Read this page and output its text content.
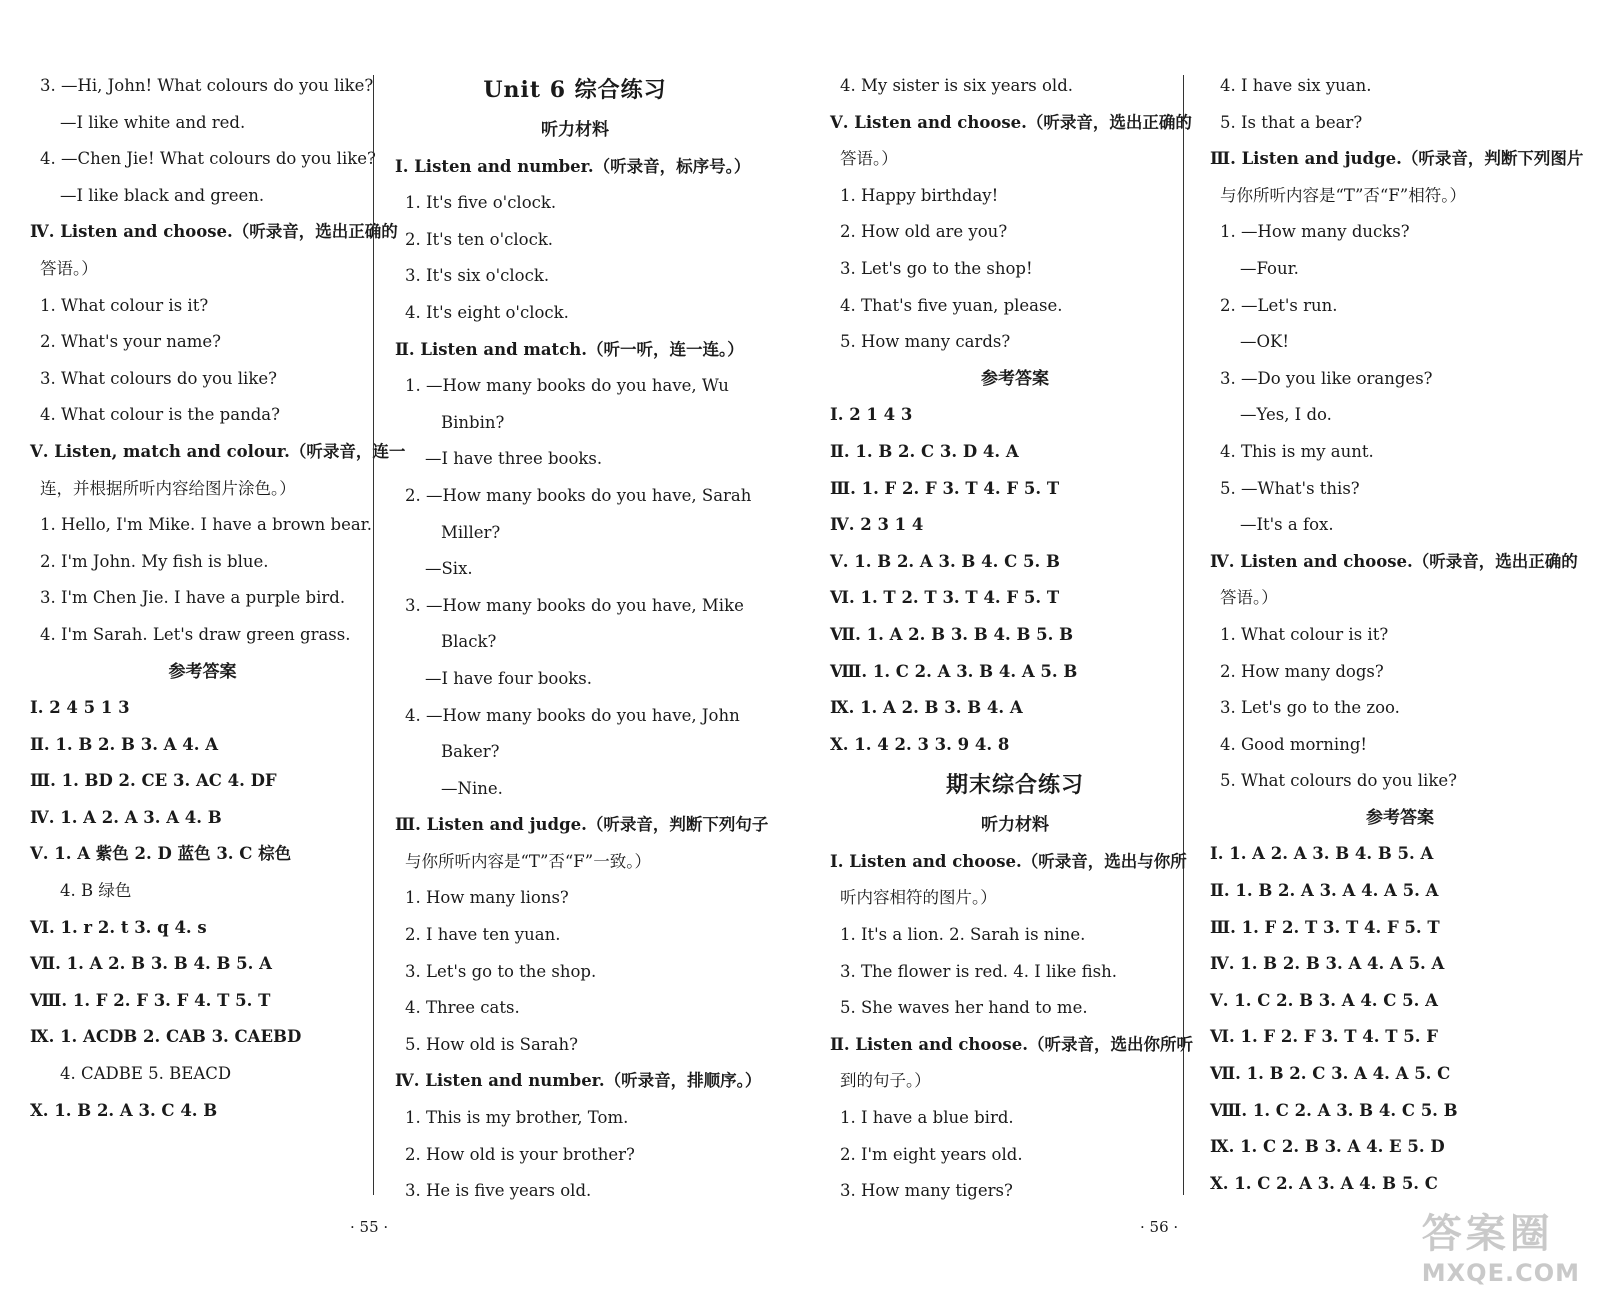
3. —Hi, John! What colours do you like?
—I like white and red.
4. —Chen Jie! What colours do you like?
—I like black and green.
Ⅳ. Listen and choose.（听录音，选出正确的
答语。）
1. What colour is it?
2. What's your name?
3. What colours do you like?
4. What colour is the panda?
Ⅴ. Listen, match and colour.（听录音，连一
连，并根据所听内容给图片涂色。）
1. Hello, I'm Mike. I have a brown bear.
2. I'm John. My fish is blue.
3. I'm Chen Jie. I have a purple bird.
4. I'm Sarah. Let's draw green grass.
参考答案
Ⅰ. 2 4 5 1 3
Ⅱ. 1. B 2. B 3. A 4. A
Ⅲ. 1. BD 2. CE 3. AC 4. DF
Ⅳ. 1. A 2. A 3. A 4. B
Ⅴ. 1. A 紫色 2. D 蓝色 3. C 棕色
4. B 绿色
Ⅵ. 1. r 2. t 3. q 4. s
Ⅶ. 1. A 2. B 3. B 4. B 5. A
Ⅷ. 1. F 2. F 3. F 4. T 5. T
Ⅸ. 1. ACDB 2. CAB 3. CAEBD
4. CADBE 5. BEACD
Ⅹ. 1. B 2. A 3. C 4. B
Unit 6 综合练习
听力材料
Ⅰ. Listen and number.（听录音，标序号。）
1. It's five o'clock.
2. It's ten o'clock.
3. It's six o'clock.
4. It's eight o'clock.
Ⅱ. Listen and match.（听一听，连一连。）
1. —How many books do you have, Wu
Binbin?
—I have three books.
2. —How many books do you have, Sarah
Miller?
—Six.
3. —How many books do you have, Mike
Black?
—I have four books.
4. —How many books do you have, John
Baker?
—Nine.
Ⅲ. Listen and judge.（听录音，判断下列句子
与你所听内容是“T”否“F”一致。）
1. How many lions?
2. I have ten yuan.
3. Let's go to the shop.
4. Three cats.
5. How old is Sarah?
Ⅳ. Listen and number.（听录音，排顺序。）
1. This is my brother, Tom.
2. How old is your brother?
3. He is five years old.
4. My sister is six years old.
Ⅴ. Listen and choose.（听录音，选出正确的
答语。）
1. Happy birthday!
2. How old are you?
3. Let's go to the shop!
4. That's five yuan, please.
5. How many cards?
参考答案
Ⅰ. 2 1 4 3
Ⅱ. 1. B 2. C 3. D 4. A
Ⅲ. 1. F 2. F 3. T 4. F 5. T
Ⅳ. 2 3 1 4
Ⅴ. 1. B 2. A 3. B 4. C 5. B
Ⅵ. 1. T 2. T 3. T 4. F 5. T
Ⅶ. 1. A 2. B 3. B 4. B 5. B
Ⅷ. 1. C 2. A 3. B 4. A 5. B
Ⅸ. 1. A 2. B 3. B 4. A
Ⅹ. 1. 4 2. 3 3. 9 4. 8
期末综合练习
听力材料
Ⅰ. Listen and choose.（听录音，选出与你所
听内容相符的图片。）
1. It's a lion. 2. Sarah is nine.
3. The flower is red. 4. I like fish.
5. She waves her hand to me.
Ⅱ. Listen and choose.（听录音，选出你所听
到的句子。）
1. I have a blue bird.
2. I'm eight years old.
3. How many tigers?
4. I have six yuan.
5. Is that a bear?
Ⅲ. Listen and judge.（听录音，判断下列图片
与你所听内容是“T”否“F”相符。）
1. —How many ducks?
—Four.
2. —Let's run.
—OK!
3. —Do you like oranges?
—Yes, I do.
4. This is my aunt.
5. —What's this?
—It's a fox.
Ⅳ. Listen and choose.（听录音，选出正确的
答语。）
1. What colour is it?
2. How many dogs?
3. Let's go to the zoo.
4. Good morning!
5. What colours do you like?
参考答案
Ⅰ. 1. A 2. A 3. B 4. B 5. A
Ⅱ. 1. B 2. A 3. A 4. A 5. A
Ⅲ. 1. F 2. T 3. T 4. F 5. T
Ⅳ. 1. B 2. B 3. A 4. A 5. A
Ⅴ. 1. C 2. B 3. A 4. C 5. A
Ⅵ. 1. F 2. F 3. T 4. T 5. F
Ⅶ. 1. B 2. C 3. A 4. A 5. C
Ⅷ. 1. C 2. A 3. B 4. C 5. B
Ⅸ. 1. C 2. B 3. A 4. E 5. D
Ⅹ. 1. C 2. A 3. A 4. B 5. C
· 55 ·	· 56 ·	答案圈
MXQE.COM
